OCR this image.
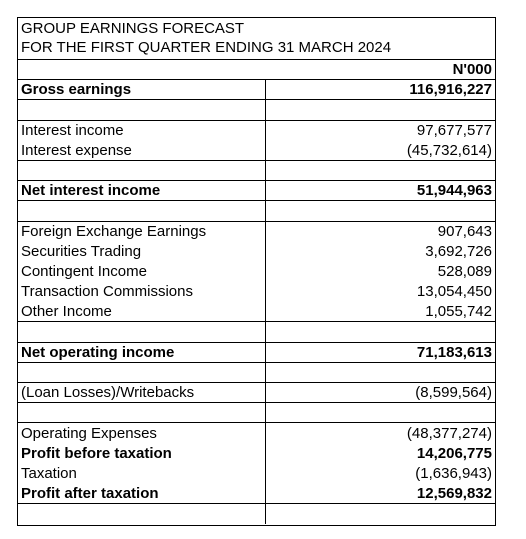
GROUP EARNINGS FORECAST
FOR THE FIRST QUARTER ENDING 31 MARCH 2024
	N'000
Gross earnings	116,916,227

Interest income	97,677,577
Interest expense	(45,732,614)

Net interest income	51,944,963

Foreign Exchange Earnings	907,643
Securities Trading	3,692,726
Contingent Income	528,089
Transaction Commissions	13,054,450
Other Income	1,055,742

Net operating income	71,183,613

(Loan Losses)/Writebacks	(8,599,564)

Operating Expenses	(48,377,274)
Profit before taxation	14,206,775
Taxation	(1,636,943)
Profit after taxation	12,569,832
